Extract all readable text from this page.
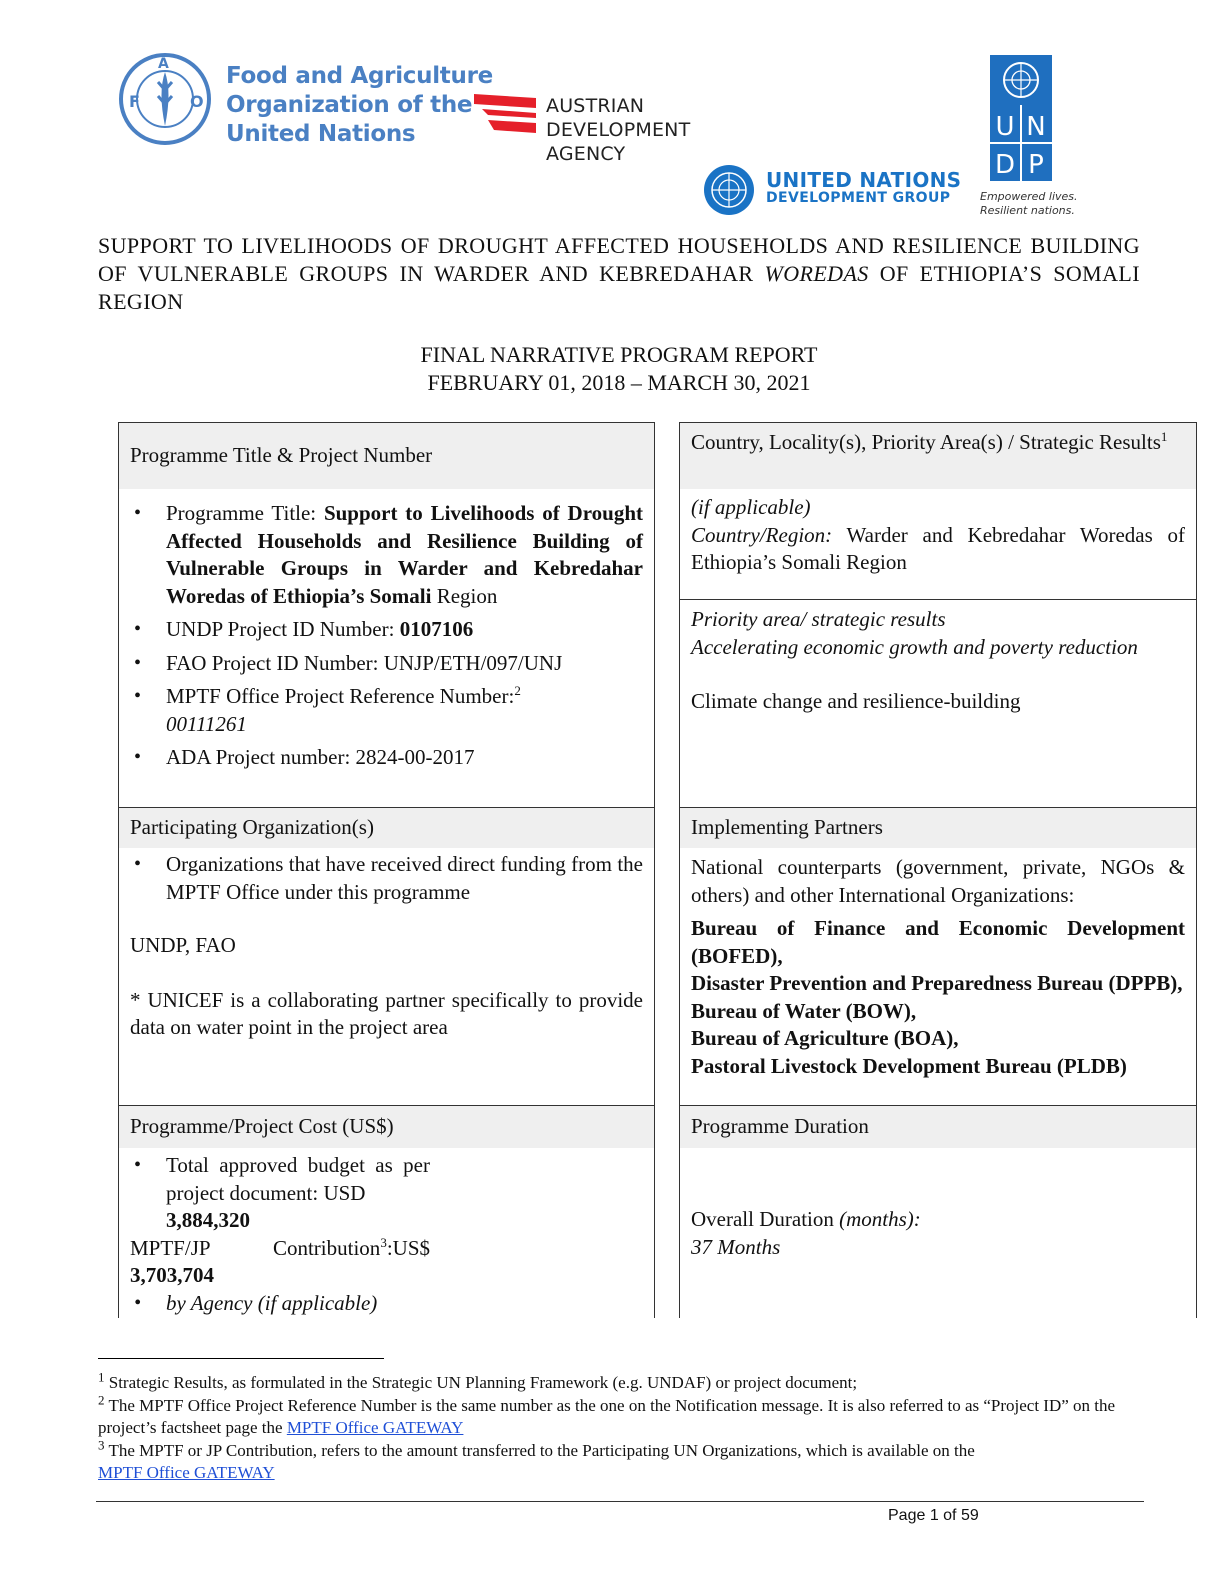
F
A
O
Food and Agriculture
Organization of the
United Nations
AUSTRIAN
DEVELOPMENT
AGENCY
UNITED NATIONS
DEVELOPMENT GROUP
U N
D P
Empowered lives.
Resilient nations.
SUPPORT TO LIVELIHOODS OF DROUGHT AFFECTED HOUSEHOLDS AND RESILIENCE BUILDING OF VULNERABLE GROUPS IN WARDER AND KEBREDAHAR WOREDAS OF ETHIOPIA’S SOMALI REGION
FINAL NARRATIVE PROGRAM REPORT
FEBRUARY 01, 2018 – MARCH 30, 2021
Programme Title & Project Number
Country, Locality(s), Priority Area(s) / Strategic Results$^1$
• Programme Title: Support to Livelihoods of Drought Affected Households and Resilience Building of Vulnerable Groups in Warder and Kebredahar Woredas of Ethiopia’s Somali Region
• UNDP Project ID Number: 0107106
• FAO Project ID Number: UNJP/ETH/097/UNJ
• MPTF Office Project Reference Number:$^2$
00111261
• ADA Project number: 2824-00-2017
(if applicable)
Country/Region: Warder and Kebredahar Woredas of Ethiopia’s Somali Region
Priority area/ strategic results
Accelerating economic growth and poverty reduction
Climate change and resilience-building
Participating Organization(s)	Implementing Partners
• Organizations that have received direct funding from the MPTF Office under this programme
UNDP, FAO
* UNICEF is a collaborating partner specifically to provide data on water point in the project area
National counterparts (government, private, NGOs & others) and other International Organizations:
Bureau of Finance and Economic Development (BOFED),
Disaster Prevention and Preparedness Bureau (DPPB),
Bureau of Water (BOW),
Bureau of Agriculture (BOA),
Pastoral Livestock Development Bureau (PLDB)
Programme/Project Cost (US$)	Programme Duration
• Total approved budget as per project document: USD
3,884,320
MPTF/JP Contribution$^3$:US$
3,703,704
• by Agency (if applicable)
Overall Duration (months):
37 Months
$^1$ Strategic Results, as formulated in the Strategic UN Planning Framework (e.g. UNDAF) or project document;
$^2$ The MPTF Office Project Reference Number is the same number as the one on the Notification message. It is also referred to as “Project ID” on the project’s factsheet page the MPTF Office GATEWAY
$^3$ The MPTF or JP Contribution, refers to the amount transferred to the Participating UN Organizations, which is available on the
MPTF Office GATEWAY
Page 1 of 59
